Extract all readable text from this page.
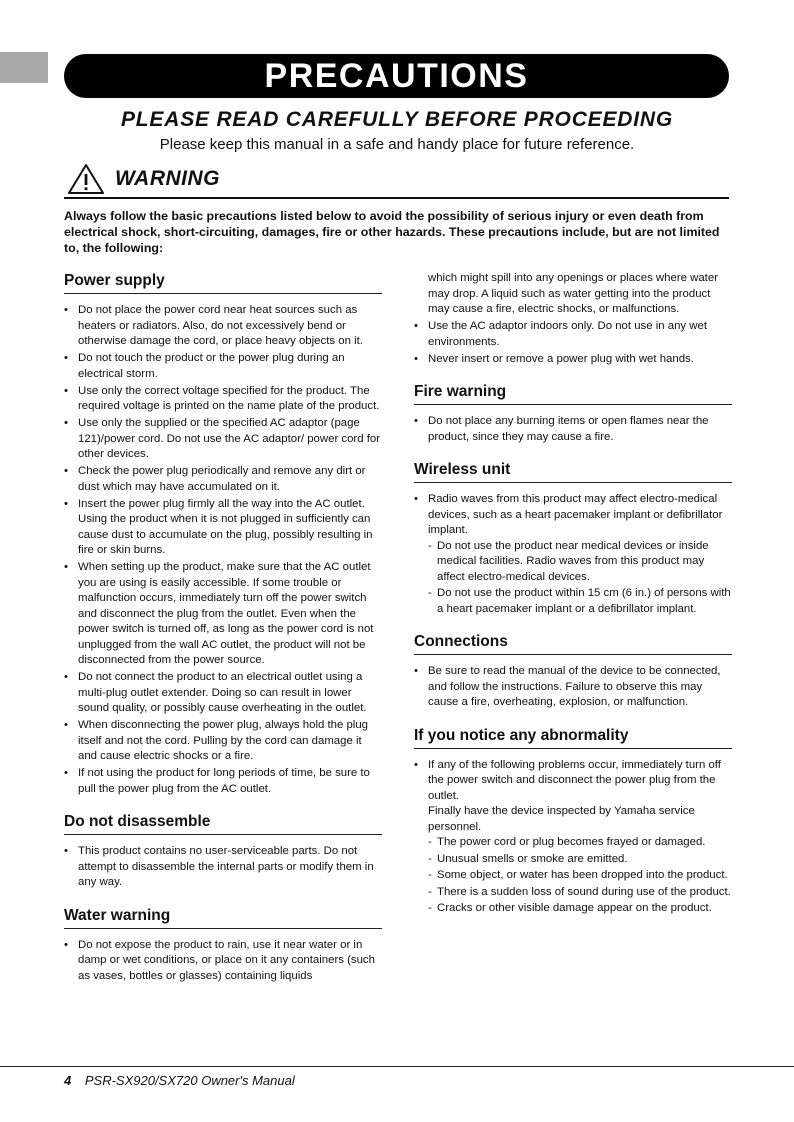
PRECAUTIONS
PLEASE READ CAREFULLY BEFORE PROCEEDING
Please keep this manual in a safe and handy place for future reference.
WARNING
Always follow the basic precautions listed below to avoid the possibility of serious injury or even death from electrical shock, short-circuiting, damages, fire or other hazards. These precautions include, but are not limited to, the following:
Power supply
• Do not place the power cord near heat sources such as heaters or radiators. Also, do not excessively bend or otherwise damage the cord, or place heavy objects on it.
• Do not touch the product or the power plug during an electrical storm.
• Use only the correct voltage specified for the product. The required voltage is printed on the name plate of the product.
• Use only the supplied or the specified AC adaptor (page 121)/power cord. Do not use the AC adaptor/ power cord for other devices.
• Check the power plug periodically and remove any dirt or dust which may have accumulated on it.
• Insert the power plug firmly all the way into the AC outlet. Using the product when it is not plugged in sufficiently can cause dust to accumulate on the plug, possibly resulting in fire or skin burns.
• When setting up the product, make sure that the AC outlet you are using is easily accessible. If some trouble or malfunction occurs, immediately turn off the power switch and disconnect the plug from the outlet. Even when the power switch is turned off, as long as the power cord is not unplugged from the wall AC outlet, the product will not be disconnected from the power source.
• Do not connect the product to an electrical outlet using a multi-plug outlet extender. Doing so can result in lower sound quality, or possibly cause overheating in the outlet.
• When disconnecting the power plug, always hold the plug itself and not the cord. Pulling by the cord can damage it and cause electric shocks or a fire.
• If not using the product for long periods of time, be sure to pull the power plug from the AC outlet.
Do not disassemble
• This product contains no user-serviceable parts. Do not attempt to disassemble the internal parts or modify them in any way.
Water warning
• Do not expose the product to rain, use it near water or in damp or wet conditions, or place on it any containers (such as vases, bottles or glasses) containing liquids
which might spill into any openings or places where water may drop. A liquid such as water getting into the product may cause a fire, electric shocks, or malfunctions.
• Use the AC adaptor indoors only. Do not use in any wet environments.
• Never insert or remove a power plug with wet hands.
Fire warning
• Do not place any burning items or open flames near the product, since they may cause a fire.
Wireless unit
• Radio waves from this product may affect electro-medical devices, such as a heart pacemaker implant or defibrillator implant.
- Do not use the product near medical devices or inside medical facilities. Radio waves from this product may affect electro-medical devices.
- Do not use the product within 15 cm (6 in.) of persons with a heart pacemaker implant or a defibrillator implant.
Connections
• Be sure to read the manual of the device to be connected, and follow the instructions. Failure to observe this may cause a fire, overheating, explosion, or malfunction.
If you notice any abnormality
• If any of the following problems occur, immediately turn off the power switch and disconnect the power plug from the outlet.
Finally have the device inspected by Yamaha service personnel.
- The power cord or plug becomes frayed or damaged.
- Unusual smells or smoke are emitted.
- Some object, or water has been dropped into the product.
- There is a sudden loss of sound during use of the product.
- Cracks or other visible damage appear on the product.
4 PSR-SX920/SX720 Owner's Manual
